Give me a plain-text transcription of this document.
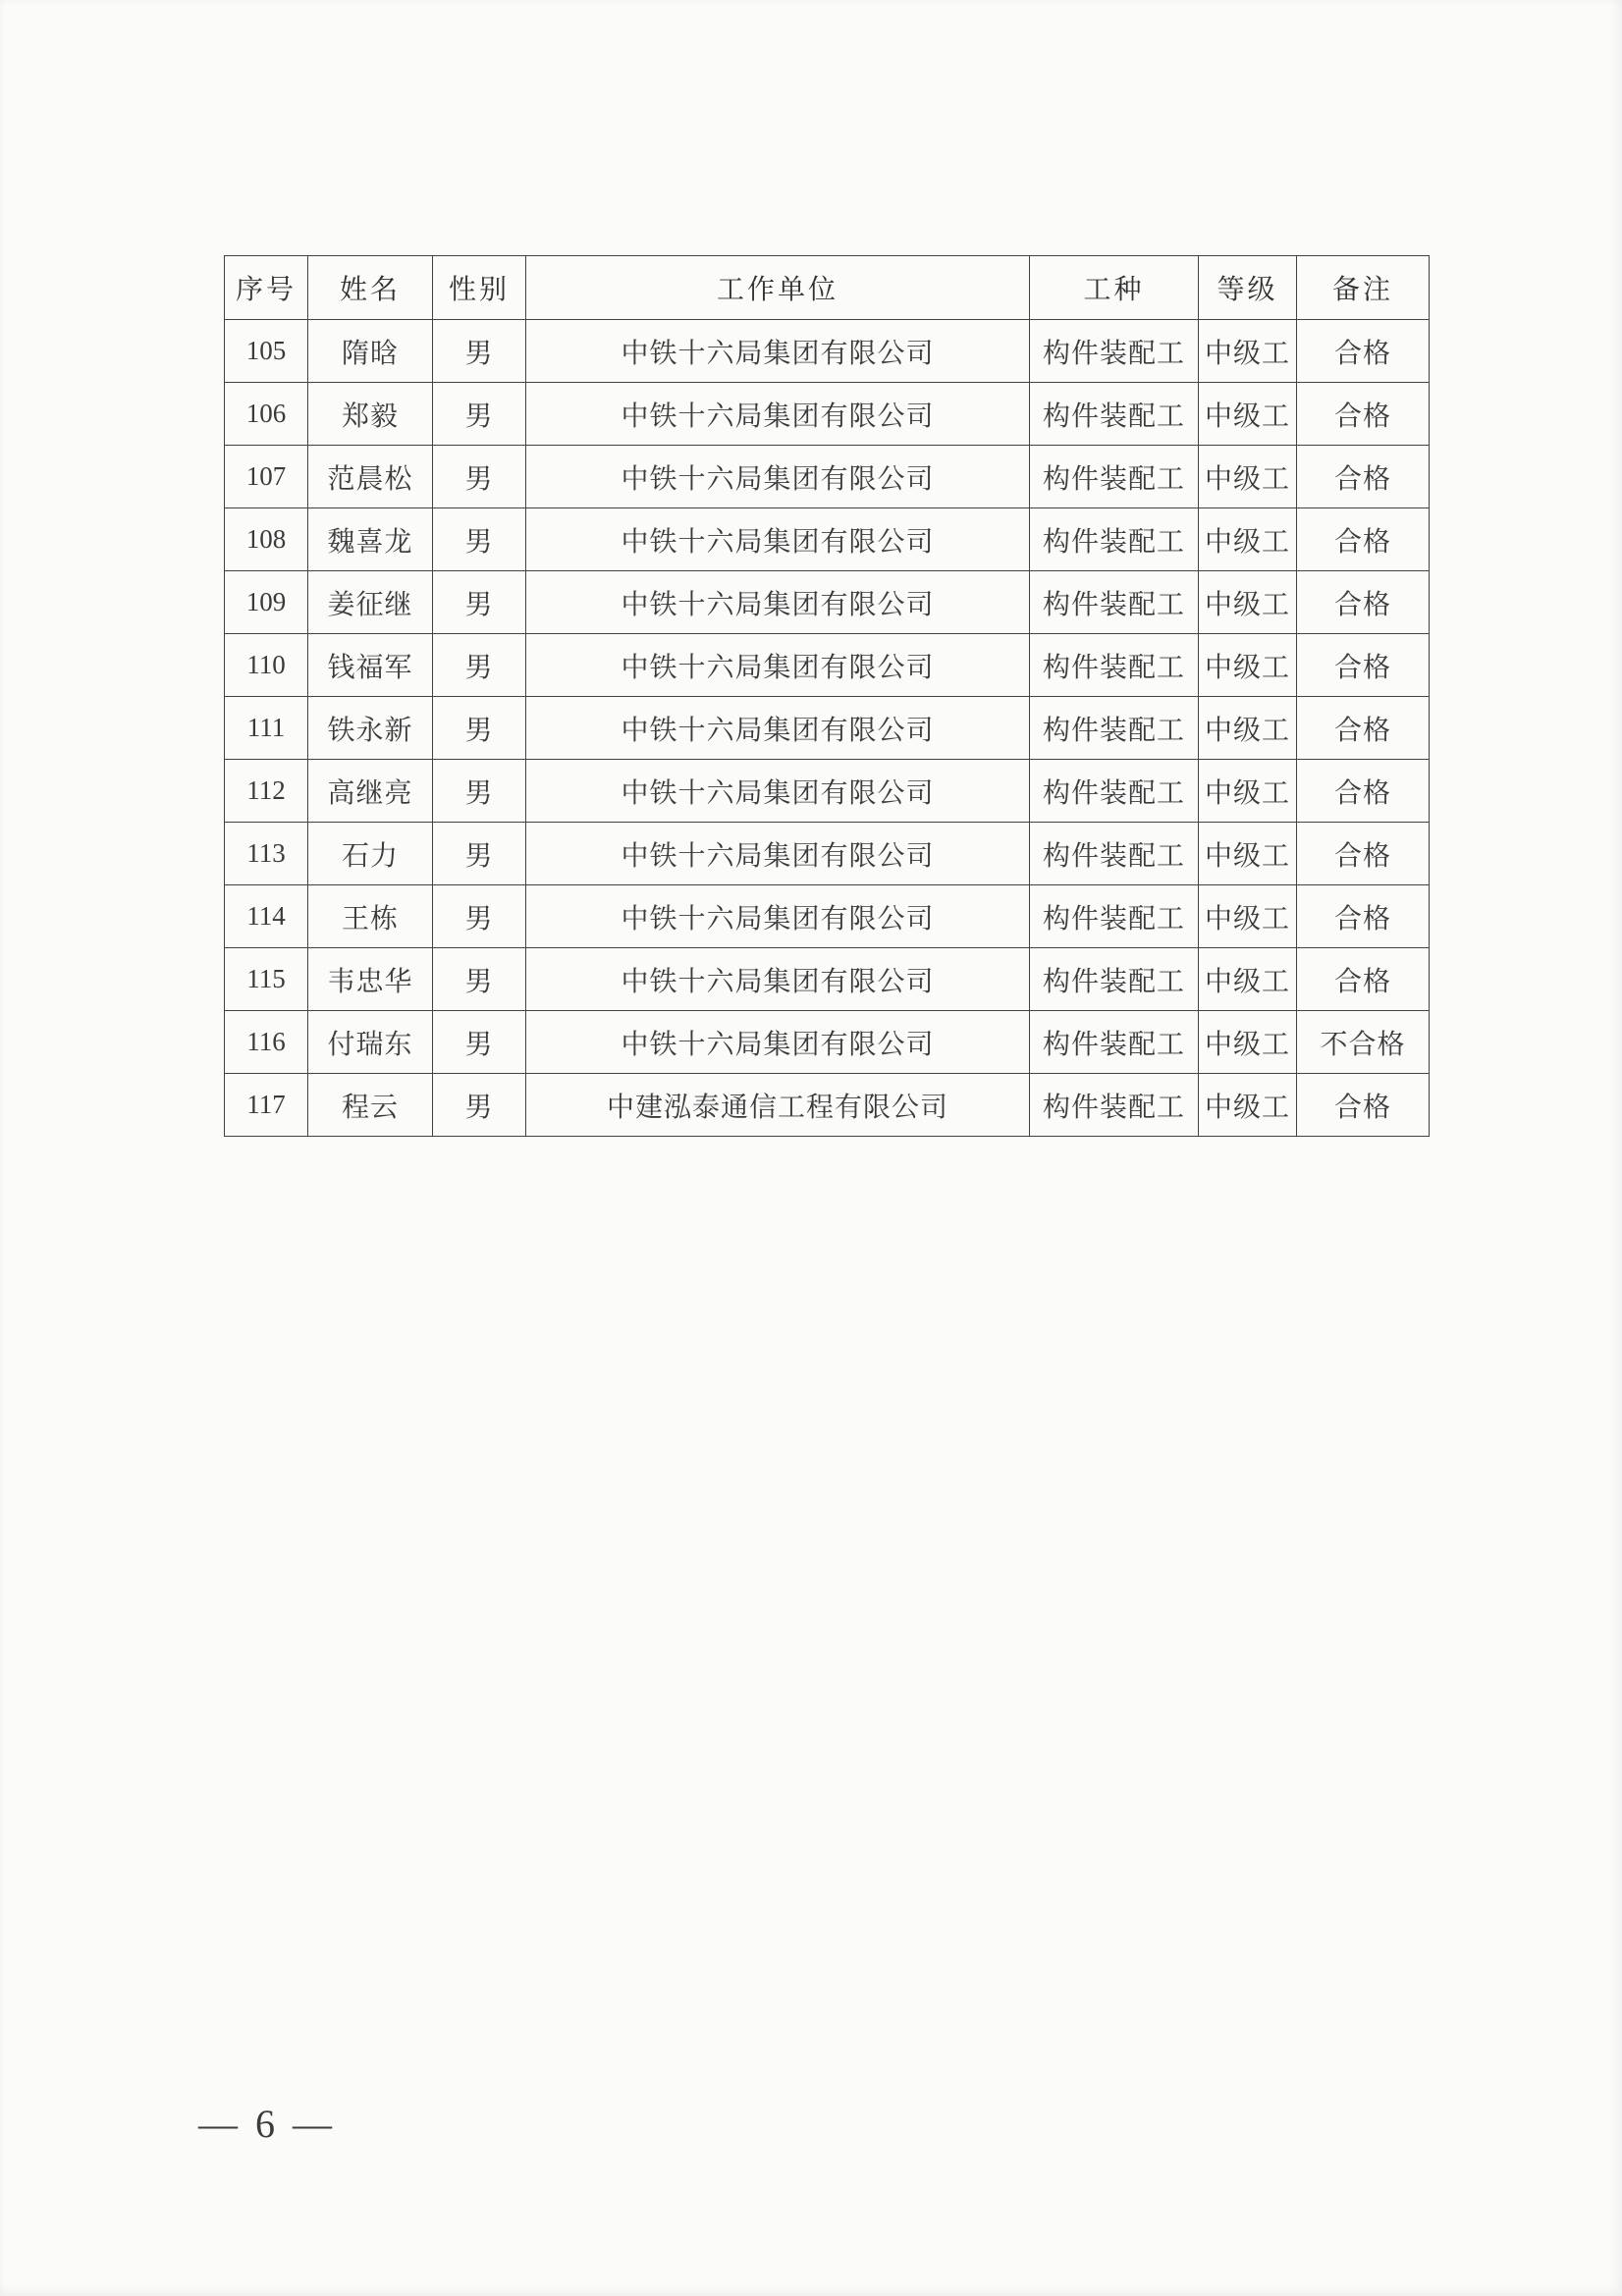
序号	姓名	性别	工作单位	工种	等级	备注
105	隋晗	男	中铁十六局集团有限公司	构件装配工	中级工	合格
106	郑毅	男	中铁十六局集团有限公司	构件装配工	中级工	合格
107	范晨松	男	中铁十六局集团有限公司	构件装配工	中级工	合格
108	魏喜龙	男	中铁十六局集团有限公司	构件装配工	中级工	合格
109	姜征继	男	中铁十六局集团有限公司	构件装配工	中级工	合格
110	钱福军	男	中铁十六局集团有限公司	构件装配工	中级工	合格
111	铁永新	男	中铁十六局集团有限公司	构件装配工	中级工	合格
112	高继亮	男	中铁十六局集团有限公司	构件装配工	中级工	合格
113	石力	男	中铁十六局集团有限公司	构件装配工	中级工	合格
114	王栋	男	中铁十六局集团有限公司	构件装配工	中级工	合格
115	韦忠华	男	中铁十六局集团有限公司	构件装配工	中级工	合格
116	付瑞东	男	中铁十六局集团有限公司	构件装配工	中级工	不合格
117	程云	男	中建泓泰通信工程有限公司	构件装配工	中级工	合格
— 6 —
